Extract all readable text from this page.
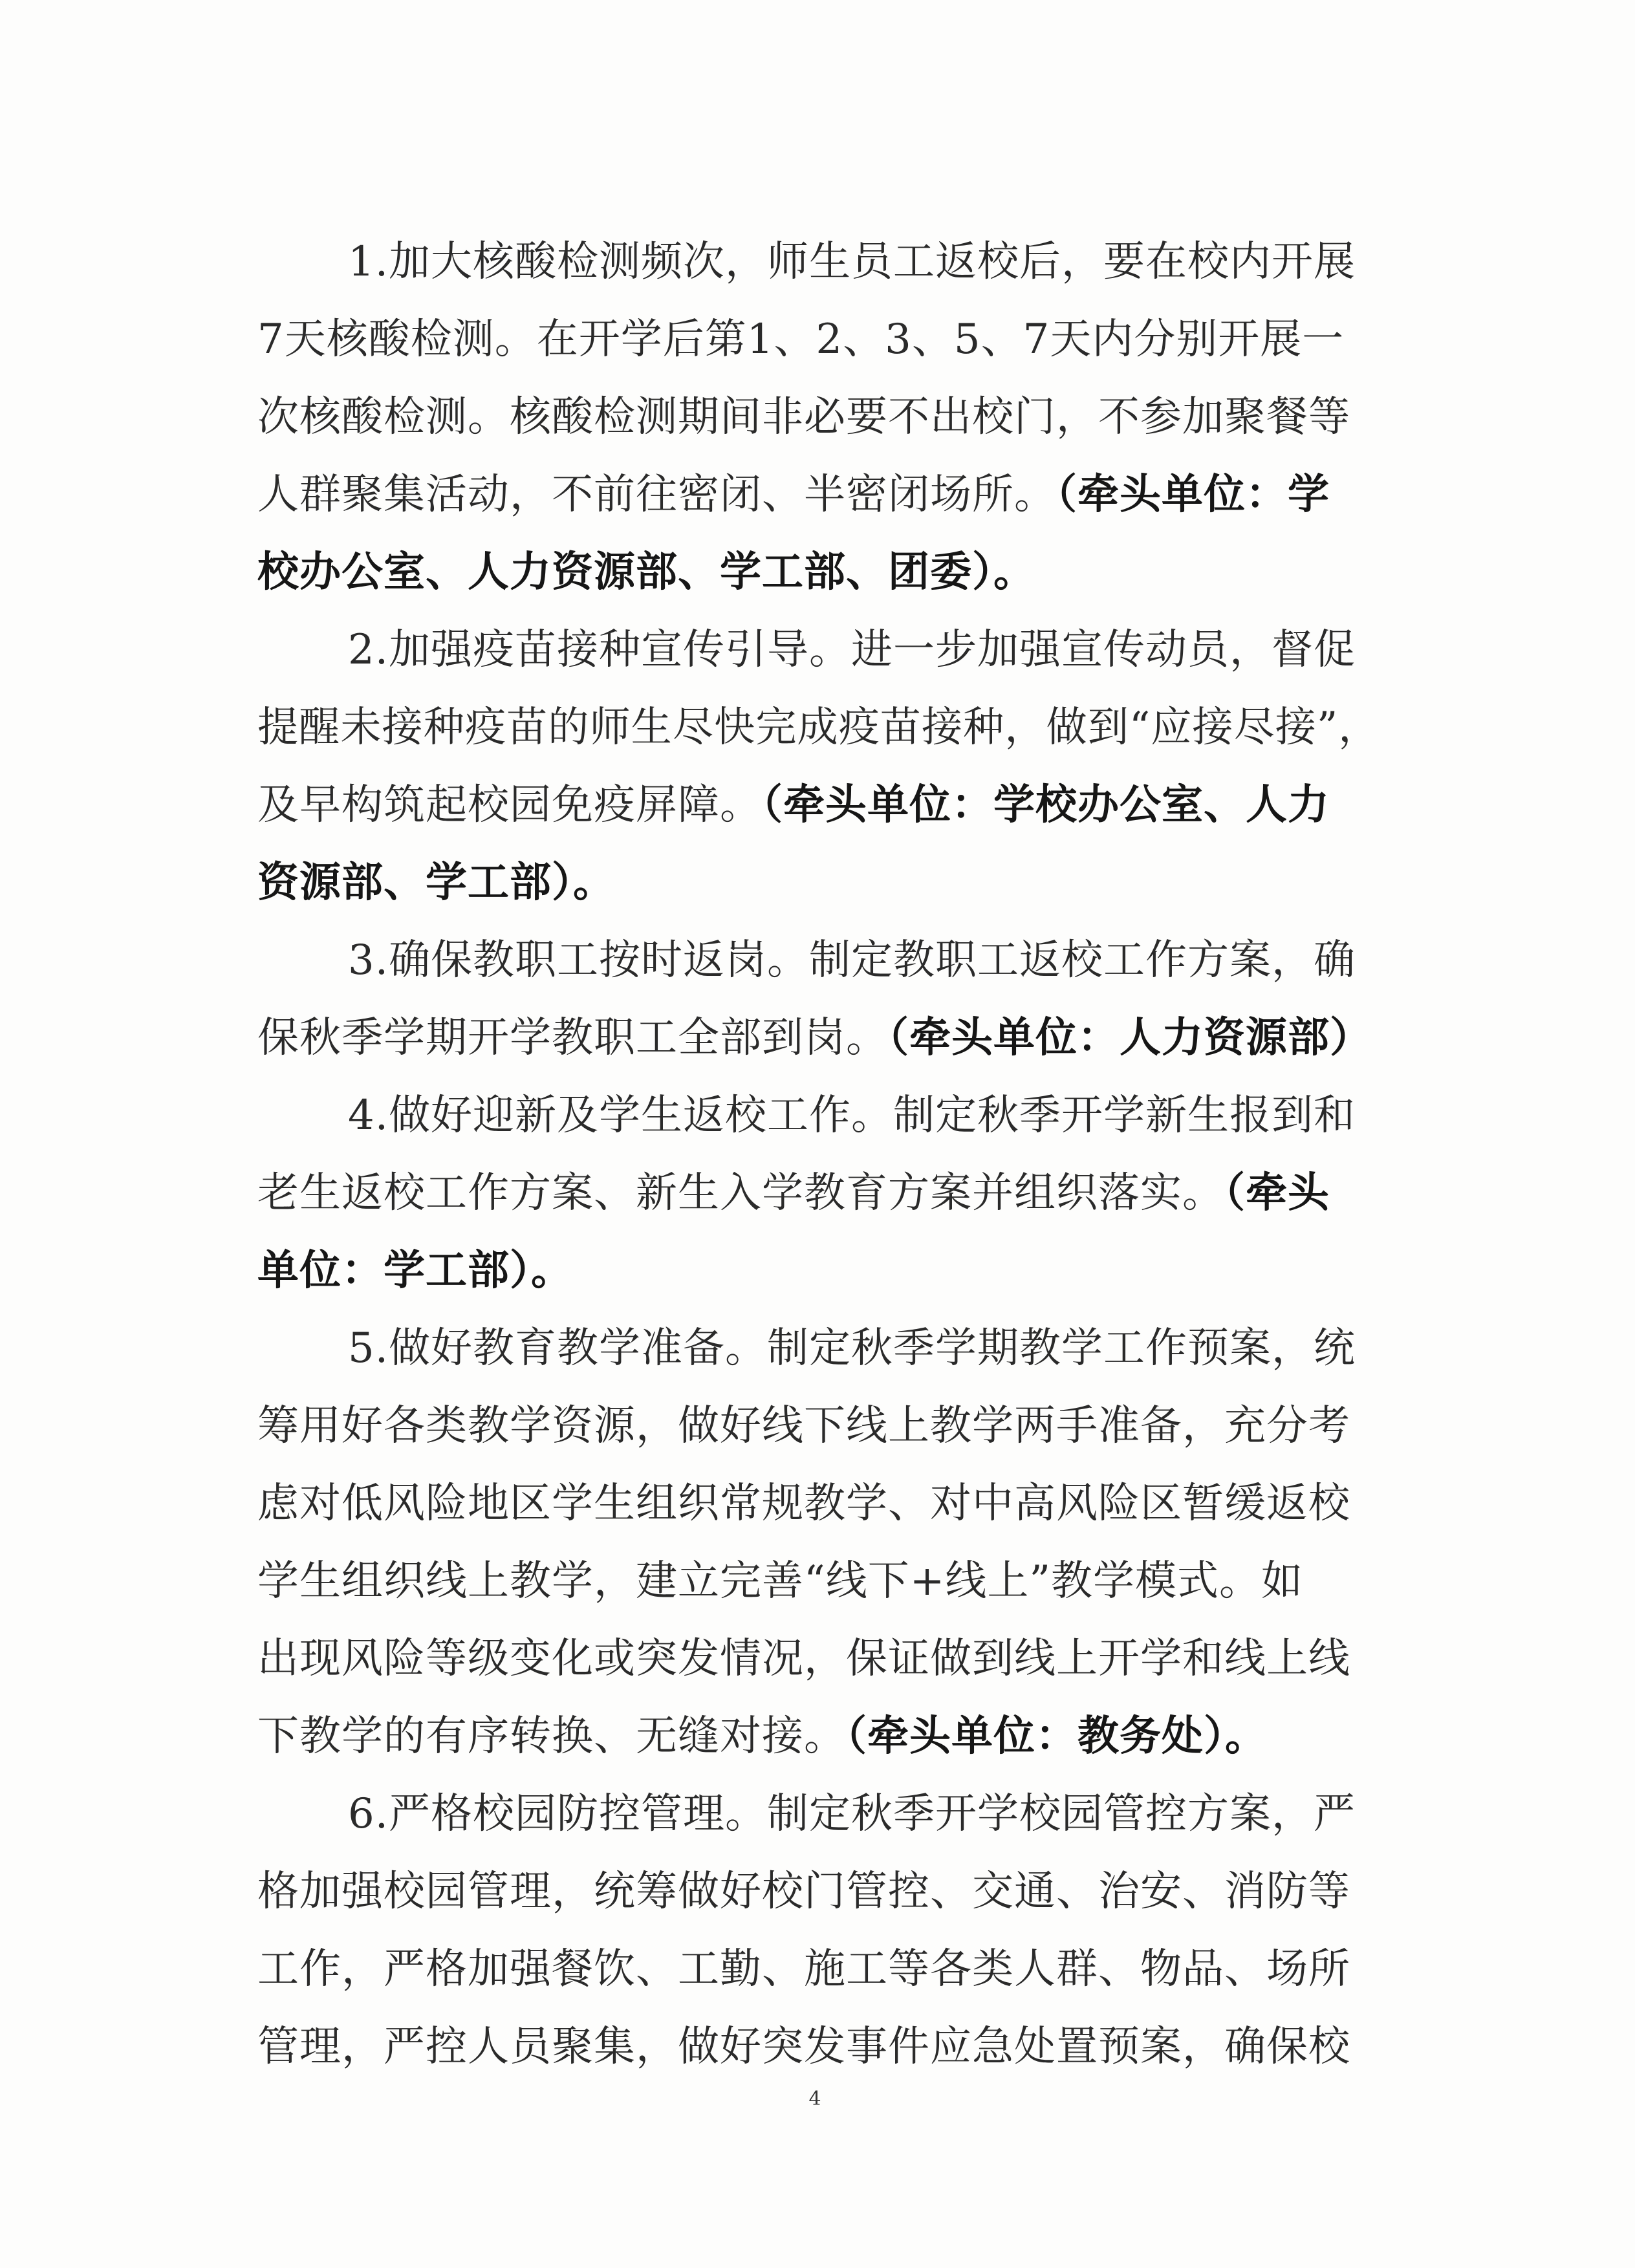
1.加大核酸检测频次，师生员工返校后，要在校内开展
7天核酸检测。在开学后第1、2、3、5、7天内分别开展一
次核酸检测。核酸检测期间非必要不出校门，不参加聚餐等
人群聚集活动，不前往密闭、半密闭场所。（牵头单位：学
校办公室、人力资源部、学工部、团委）。
2.加强疫苗接种宣传引导。进一步加强宣传动员，督促
提醒未接种疫苗的师生尽快完成疫苗接种，做到“应接尽接”，
及早构筑起校园免疫屏障。（牵头单位：学校办公室、人力
资源部、学工部）。
3.确保教职工按时返岗。制定教职工返校工作方案，确
保秋季学期开学教职工全部到岗。（牵头单位：人力资源部）
4.做好迎新及学生返校工作。制定秋季开学新生报到和
老生返校工作方案、新生入学教育方案并组织落实。（牵头
单位：学工部）。
5.做好教育教学准备。制定秋季学期教学工作预案，统
筹用好各类教学资源，做好线下线上教学两手准备，充分考
虑对低风险地区学生组织常规教学、对中高风险区暂缓返校
学生组织线上教学，建立完善“线下+线上”教学模式。如
出现风险等级变化或突发情况，保证做到线上开学和线上线
下教学的有序转换、无缝对接。（牵头单位：教务处）。
6.严格校园防控管理。制定秋季开学校园管控方案，严
格加强校园管理，统筹做好校门管控、交通、治安、消防等
工作，严格加强餐饮、工勤、施工等各类人群、物品、场所
管理，严控人员聚集，做好突发事件应急处置预案，确保校
4
